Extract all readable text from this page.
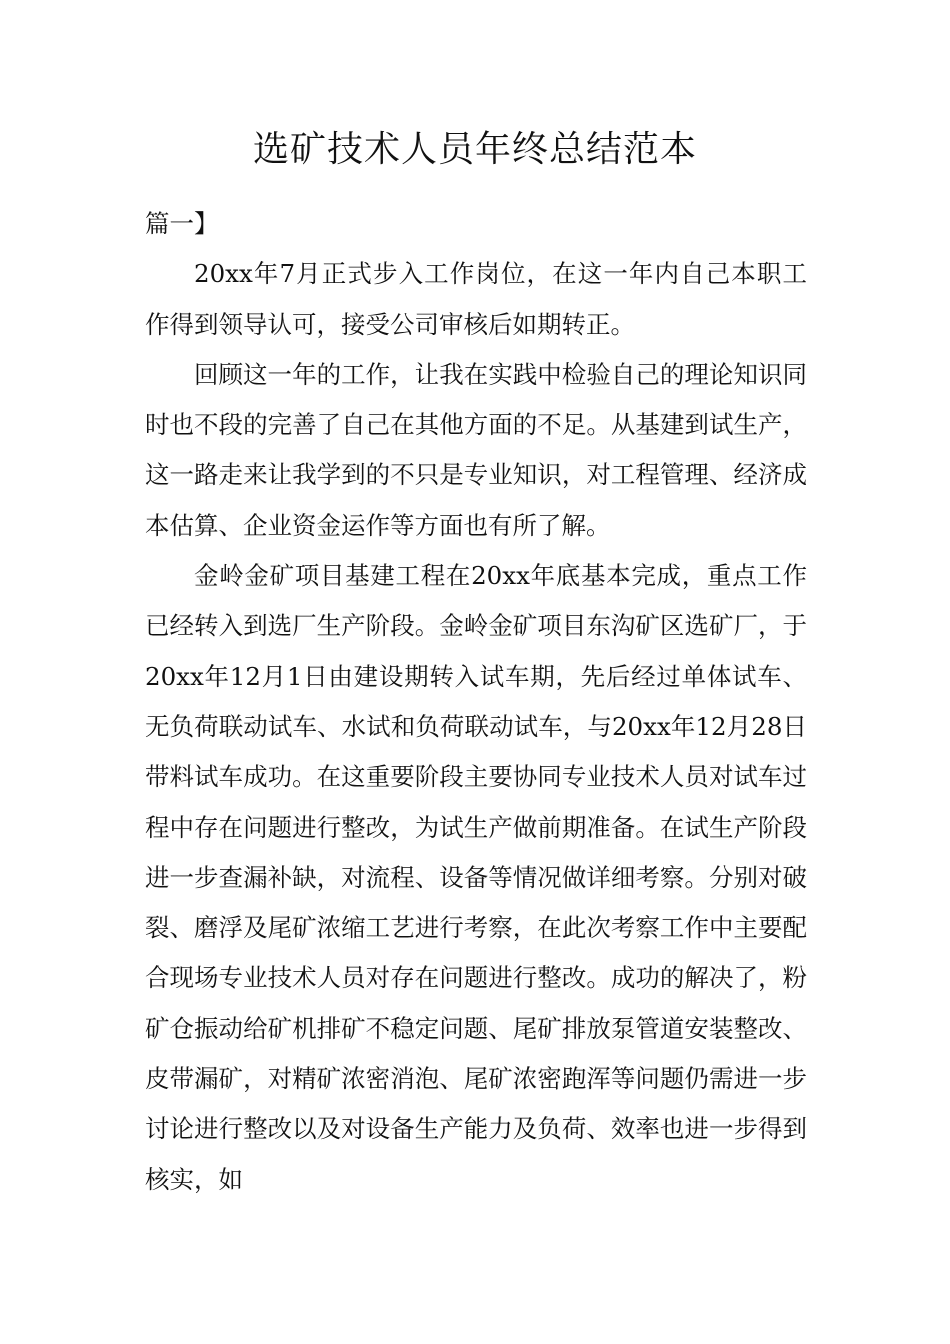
选矿技术人员年终总结范本

篇一】

20xx年7月正式步入工作岗位，在这一年内自己本职工作得到领导认可，接受公司审核后如期转正。

回顾这一年的工作，让我在实践中检验自己的理论知识同时也不段的完善了自己在其他方面的不足。从基建到试生产，这一路走来让我学到的不只是专业知识，对工程管理、经济成本估算、企业资金运作等方面也有所了解。

金岭金矿项目基建工程在20xx年底基本完成，重点工作已经转入到选厂生产阶段。金岭金矿项目东沟矿区选矿厂，于20xx年12月1日由建设期转入试车期，先后经过单体试车、无负荷联动试车、水试和负荷联动试车，与20xx年12月28日带料试车成功。在这重要阶段主要协同专业技术人员对试车过程中存在问题进行整改，为试生产做前期准备。在试生产阶段进一步查漏补缺，对流程、设备等情况做详细考察。分别对破裂、磨浮及尾矿浓缩工艺进行考察，在此次考察工作中主要配合现场专业技术人员对存在问题进行整改。成功的解决了，粉矿仓振动给矿机排矿不稳定问题、尾矿排放泵管道安装整改、皮带漏矿，对精矿浓密消泡、尾矿浓密跑浑等问题仍需进一步讨论进行整改以及对设备生产能力及负荷、效率也进一步得到核实，如
